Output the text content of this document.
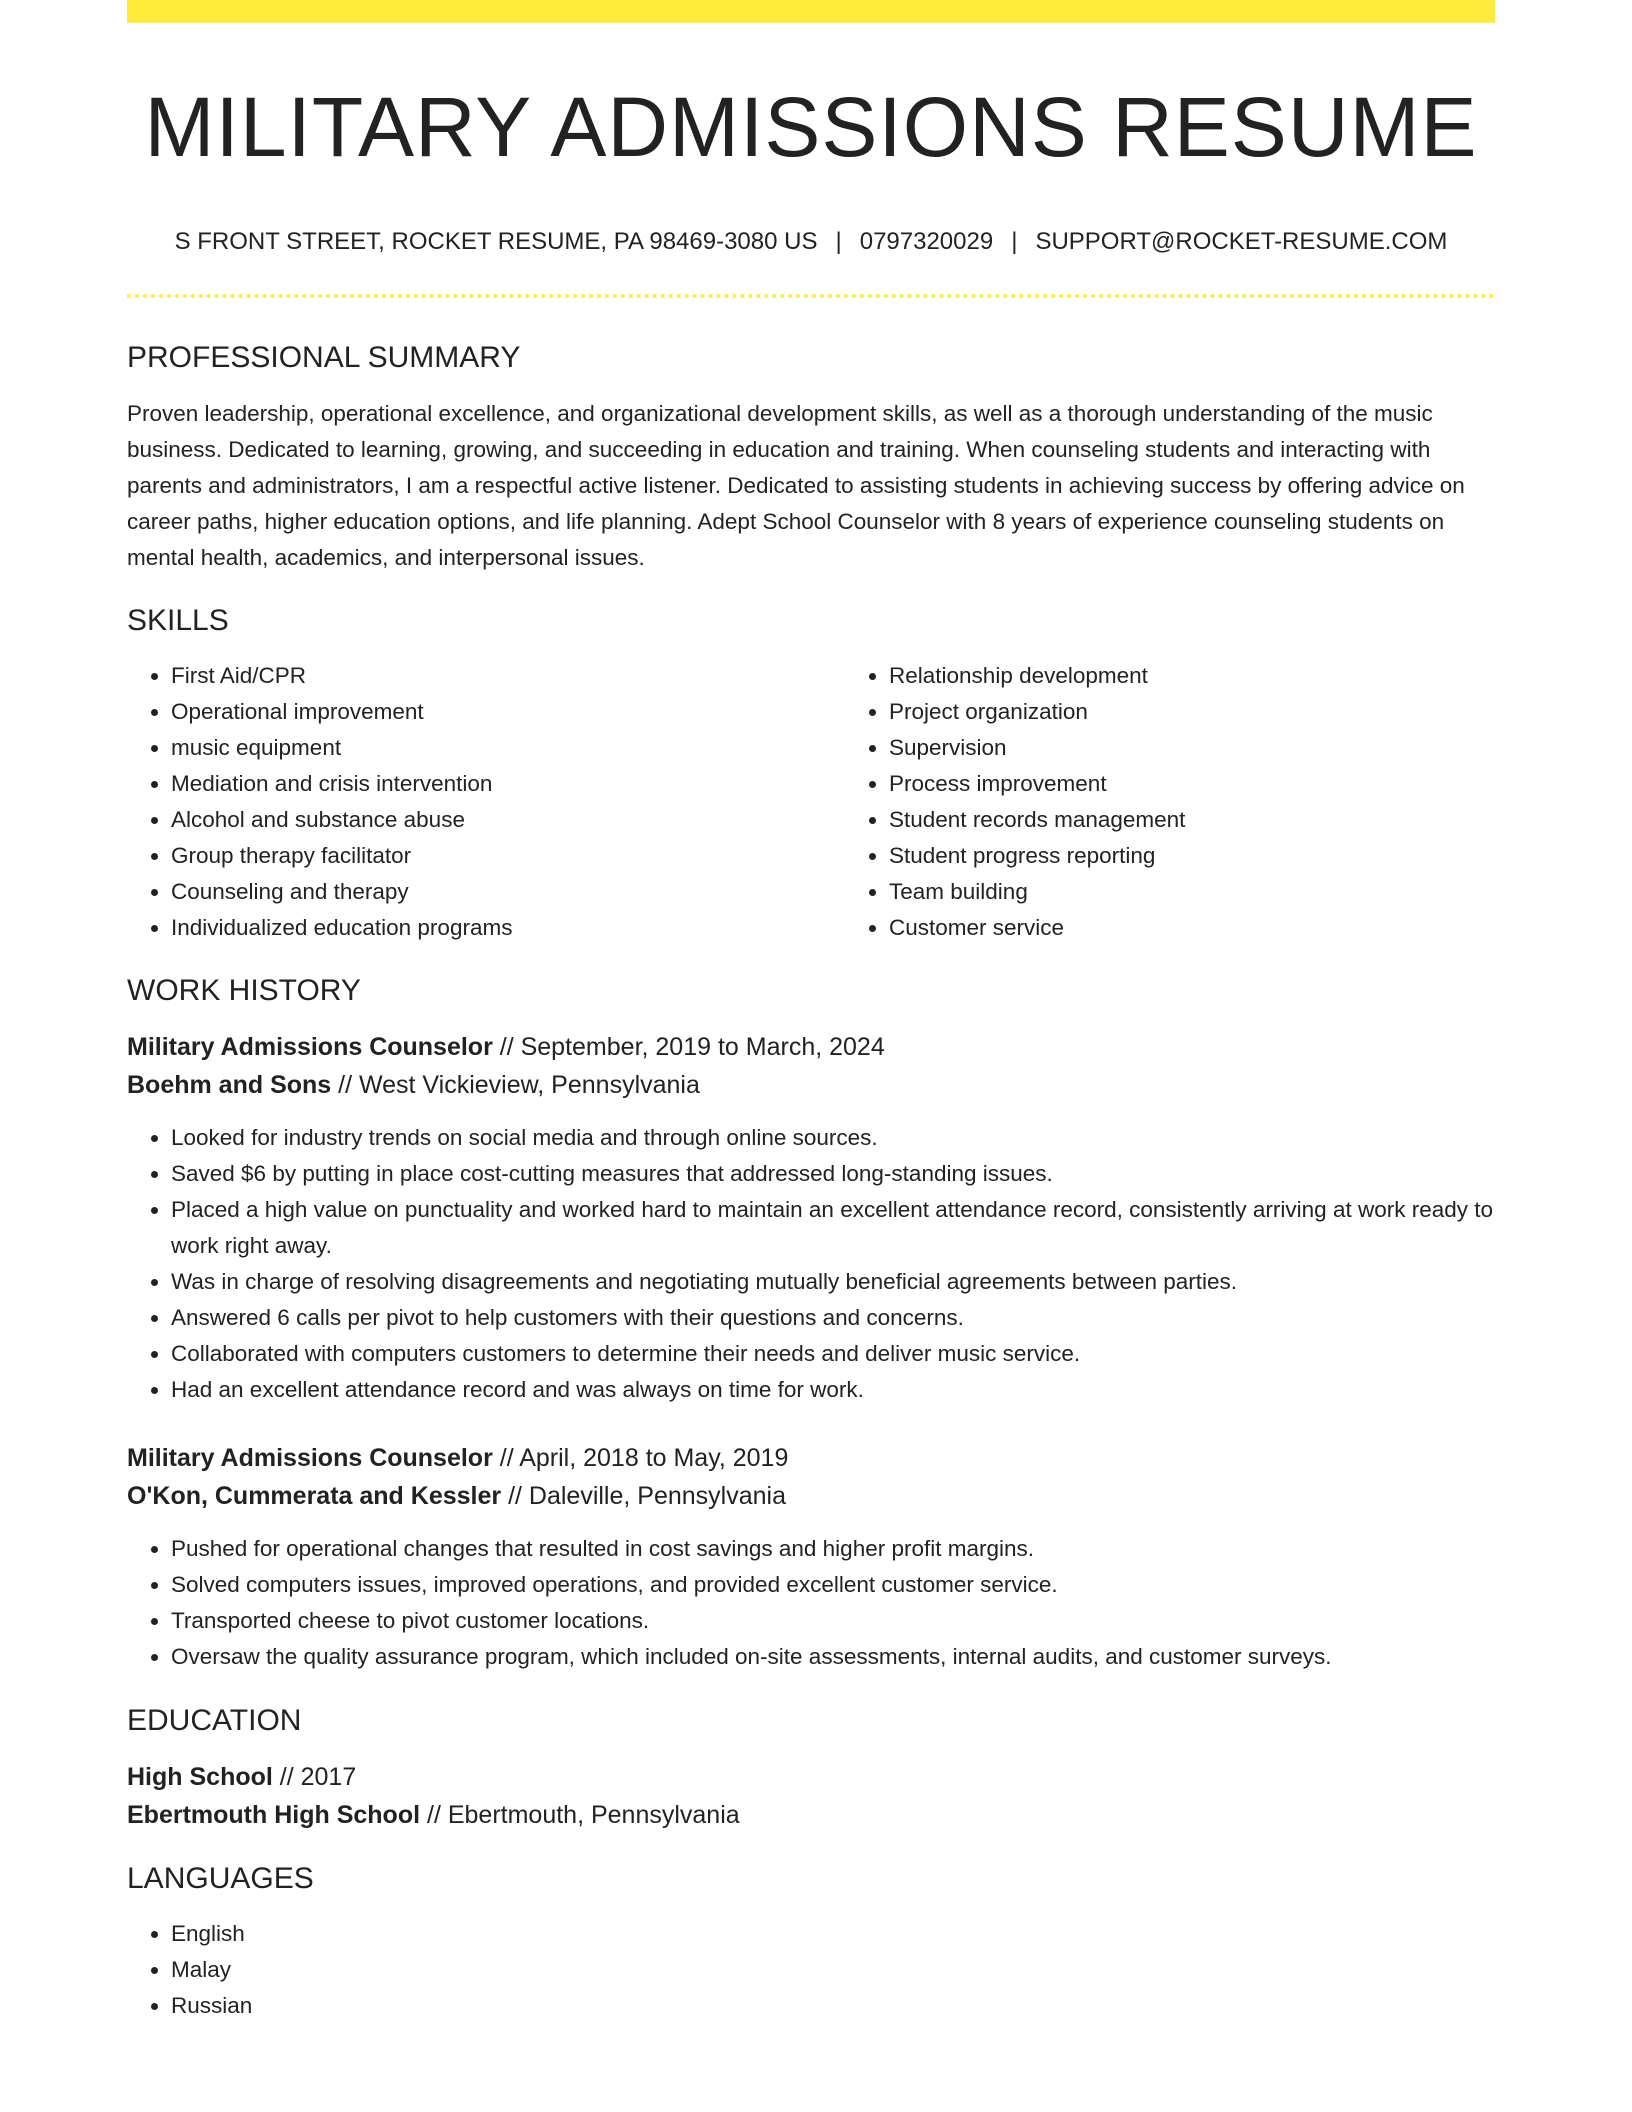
MILITARY ADMISSIONS RESUME
S FRONT STREET, ROCKET RESUME, PA 98469-3080 US | 0797320029 | SUPPORT@ROCKET-RESUME.COM
PROFESSIONAL SUMMARY

Proven leadership, operational excellence, and organizational development skills, as well as a thorough understanding of the music business. Dedicated to learning, growing, and succeeding in education and training. When counseling students and interacting with parents and administrators, I am a respectful active listener. Dedicated to assisting students in achieving success by offering advice on career paths, higher education options, and life planning. Adept School Counselor with 8 years of experience counseling students on mental health, academics, and interpersonal issues.

SKILLS
• First Aid/CPR
• Operational improvement
• music equipment
• Mediation and crisis intervention
• Alcohol and substance abuse
• Group therapy facilitator
• Counseling and therapy
• Individualized education programs
• Relationship development
• Project organization
• Supervision
• Process improvement
• Student records management
• Student progress reporting
• Team building
• Customer service
WORK HISTORY
Military Admissions Counselor // September, 2019 to March, 2024
Boehm and Sons // West Vickieview, Pennsylvania
• Looked for industry trends on social media and through online sources.
• Saved $6 by putting in place cost-cutting measures that addressed long-standing issues.
• Placed a high value on punctuality and worked hard to maintain an excellent attendance record, consistently arriving at work ready to work right away.
• Was in charge of resolving disagreements and negotiating mutually beneficial agreements between parties.
• Answered 6 calls per pivot to help customers with their questions and concerns.
• Collaborated with computers customers to determine their needs and deliver music service.
• Had an excellent attendance record and was always on time for work.
Military Admissions Counselor // April, 2018 to May, 2019
O'Kon, Cummerata and Kessler // Daleville, Pennsylvania
• Pushed for operational changes that resulted in cost savings and higher profit margins.
• Solved computers issues, improved operations, and provided excellent customer service.
• Transported cheese to pivot customer locations.
• Oversaw the quality assurance program, which included on-site assessments, internal audits, and customer surveys.
EDUCATION
High School // 2017
Ebertmouth High School // Ebertmouth, Pennsylvania
LANGUAGES
• English
• Malay
• Russian
